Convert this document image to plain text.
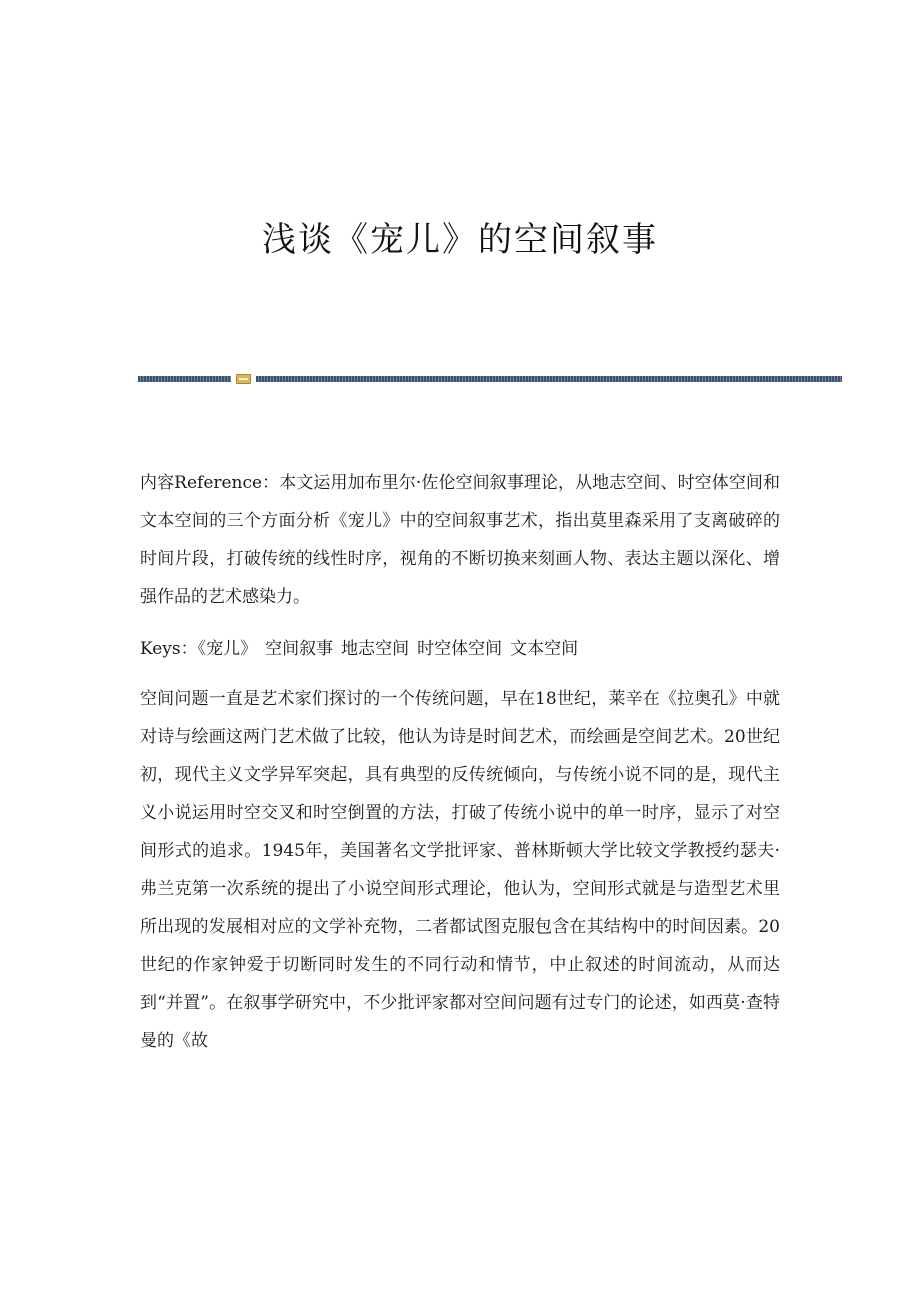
浅谈《宠儿》的空间叙事

内容Reference：本文运用加布里尔·佐伦空间叙事理论，从地志空间、时空体空间和文本空间的三个方面分析《宠儿》中的空间叙事艺术，指出莫里森采用了支离破碎的时间片段，打破传统的线性时序，视角的不断切换来刻画人物、表达主题以深化、增强作品的艺术感染力。

Keys：《宠儿》 空间叙事 地志空间 时空体空间 文本空间

空间问题一直是艺术家们探讨的一个传统问题，早在18世纪，莱辛在《拉奥孔》中就对诗与绘画这两门艺术做了比较，他认为诗是时间艺术，而绘画是空间艺术。20世纪初，现代主义文学异军突起，具有典型的反传统倾向，与传统小说不同的是，现代主义小说运用时空交叉和时空倒置的方法，打破了传统小说中的单一时序，显示了对空间形式的追求。1945年，美国著名文学批评家、普林斯顿大学比较文学教授约瑟夫·弗兰克第一次系统的提出了小说空间形式理论，他认为，空间形式就是与造型艺术里所出现的发展相对应的文学补充物，二者都试图克服包含在其结构中的时间因素。20世纪的作家钟爱于切断同时发生的不同行动和情节，中止叙述的时间流动，从而达到“并置”。在叙事学研究中，不少批评家都对空间问题有过专门的论述，如西莫·查特曼的《故
